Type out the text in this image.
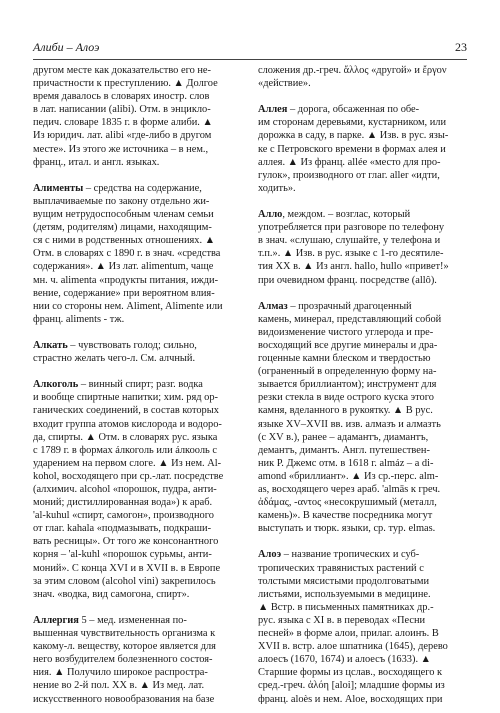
Алиби – Алоэ	23
другом месте как доказательство его не-
причастности к преступлению. ▲ Долгое
время давалось в словарях иностр. слов
в лат. написании (alibi). Отм. в энцикло-
педич. словаре 1835 г. в форме алиби. ▲
Из юридич. лат. alibi «где-либо в другом
месте». Из этого же источника – в нем.,
франц., итал. и англ. языках.
Алименты – средства на содержание,
выплачиваемые по закону отдельно жи-
вущим нетрудоспособным членам семьи
(детям, родителям) лицами, находящим-
ся с ними в родственных отношениях. ▲
Отм. в словарях с 1890 г. в знач. «средства
содержания». ▲ Из лат. alimentum, чаще
мн. ч. alimenta «продукты питания, ижди-
вение, содержание» при вероятном влия-
нии со стороны нем. Aliment, Alimente или
франц. aliments - тж.
Алкать – чувствовать голод; сильно,
страстно желать чего-л. См. алчный.
Алкоголь – винный спирт; разг. водка
и вообще спиртные напитки; хим. ряд ор-
ганических соединений, в состав которых
входит группа атомов кислорода и водоро-
да, спирты. ▲ Отм. в словарях рус. языка
с 1789 г. в формах áлкоголь или áлкооль с
ударением на первом слоге. ▲ Из нем. Al-
kohol, восходящего при ср.-лат. посредстве
(алхимич. alcohol «порошок, пудра, анти-
моний; дистиллированная вода») к араб.
'al-kuhul «спирт, самогон», производного
от глаг. kahala «подмазывать, подкраши-
вать ресницы». От того же консонантного
корня – 'al-kuhl «порошок сурьмы, анти-
моний». С конца XVI и в XVII в. в Европе
за этим словом (alcohol vini) закрепилось
знач. «водка, вид самогона, спирт».
Аллергия 5 – мед. измененная по-
вышенная чувствительность организма к
какому-л. веществу, которое является для
него возбудителем болезненного состоя-
ния. ▲ Получило широкое распростра-
нение во 2-й пол. XX в. ▲ Из мед. лат.
искусственного новообразования на базе
сложения др.-греч. ἄλλος «другой» и ἔργον
«действие».
Аллея – дорога, обсаженная по обе-
им сторонам деревьями, кустарником, или
дорожка в саду, в парке. ▲ Изв. в рус. язы-
ке с Петровского времени в формах алея и
аллея. ▲ Из франц. allée «место для про-
гулок», производного от глаг. aller «идти,
ходить».
Алло, междом. – возглас, который
употребляется при разговоре по телефону
в знач. «слушаю, слушайте, у телефона и
т.п.». ▲ Изв. в рус. языке с 1-го десятиле-
тия XX в. ▲ Из англ. hallo, hullo «привет!»
при очевидном франц. посредстве (allô).
Алмаз – прозрачный драгоценный
камень, минерал, представляющий собой
видоизменение чистого углерода и пре-
восходящий все другие минералы и дра-
гоценные камни блеском и твердостью
(ограненный в определенную форму на-
зывается бриллиантом); инструмент для
резки стекла в виде острого куска этого
камня, вделанного в рукоятку. ▲ В рус.
языке XV–XVII вв. изв. алмазъ и алмазть
(с XV в.), ранее – адамантъ, диамантъ,
демантъ, димантъ. Англ. путешествен-
ник Р. Джемс отм. в 1618 г. almáz – a di-
amond «бриллиант». ▲ Из ср.-перс. alm-
as, восходящего через араб. 'almās к греч.
ἀδάμας, -αντος «несокрушимый (металл,
камень)». В качестве посредника могут
выступать и тюрк. языки, ср. тур. elmas.
Алоэ – название тропических и суб-
тропических травянистых растений с
толстыми мясистыми продолговатыми
листьями, используемыми в медицине.
▲ Встр. в письменных памятниках др.-
рус. языка с XI в. в переводах «Песни
песней» в форме алои, прилаг. алоинъ. В
XVII в. встр. алое шпатника (1645), дерево
алоесъ (1670, 1674) и алоесъ (1633). ▲
Старшие формы из цслав., восходящего к
сред.-греч. ἀλόη [aloi]; младшие формы из
франц. aloès и нем. Aloe, восходящих при
